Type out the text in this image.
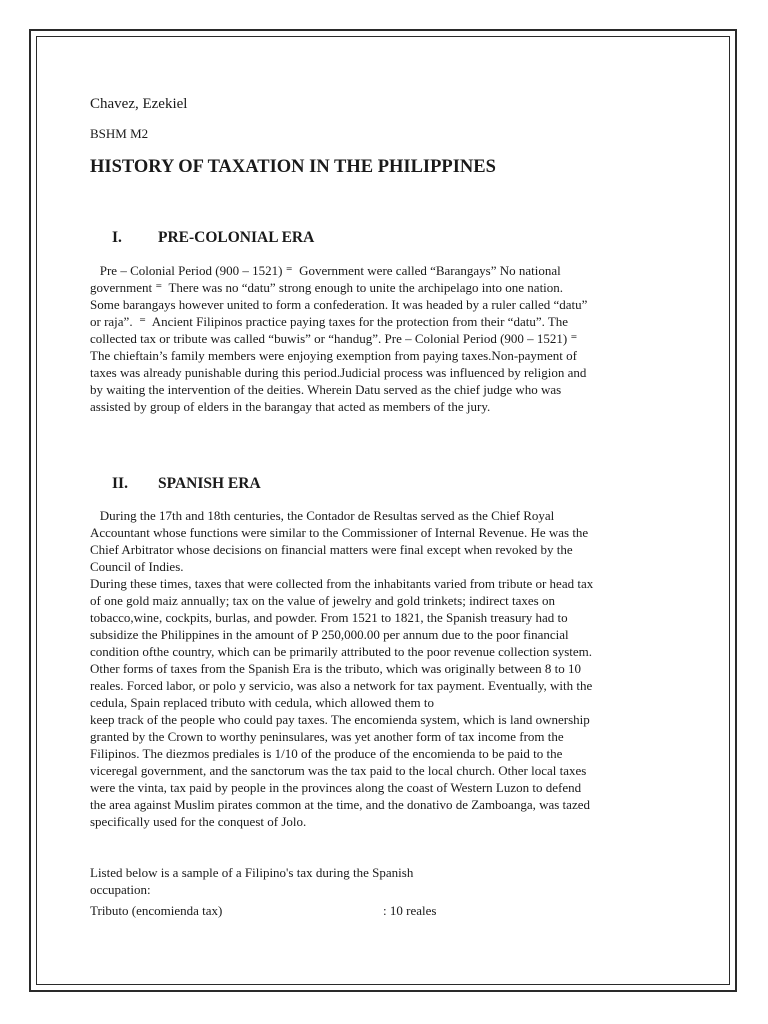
Chavez, Ezekiel
BSHM M2
HISTORY OF TAXATION IN THE PHILIPPINES
I. PRE-COLONIAL ERA
Pre – Colonial Period (900 – 1521) ⁼  Government were called “Barangays” No national
government ⁼  There was no “datu” strong enough to unite the archipelago into one nation.
Some barangays however united to form a confederation. It was headed by a ruler called “datu”
or raja”.  ⁼  Ancient Filipinos practice paying taxes for the protection from their “datu”. The
collected tax or tribute was called “buwis” or “handug”. Pre – Colonial Period (900 – 1521) ⁼
The chieftain’s family members were enjoying exemption from paying taxes.Non-payment of
taxes was already punishable during this period.Judicial process was influenced by religion and
by waiting the intervention of the deities. Wherein Datu served as the chief judge who was
assisted by group of elders in the barangay that acted as members of the jury.
II. SPANISH ERA
During the 17th and 18th centuries, the Contador de Resultas served as the Chief Royal
Accountant whose functions were similar to the Commissioner of Internal Revenue. He was the
Chief Arbitrator whose decisions on financial matters were final except when revoked by the
Council of Indies.
During these times, taxes that were collected from the inhabitants varied from tribute or head tax
of one gold maiz annually; tax on the value of jewelry and gold trinkets; indirect taxes on
tobacco,wine, cockpits, burlas, and powder. From 1521 to 1821, the Spanish treasury had to
subsidize the Philippines in the amount of P 250,000.00 per annum due to the poor financial
condition ofthe country, which can be primarily attributed to the poor revenue collection system.
Other forms of taxes from the Spanish Era is the tributo, which was originally between 8 to 10
reales. Forced labor, or polo y servicio, was also a network for tax payment. Eventually, with the
cedula, Spain replaced tributo with cedula, which allowed them to
keep track of the people who could pay taxes. The encomienda system, which is land ownership
granted by the Crown to worthy peninsulares, was yet another form of tax income from the
Filipinos. The diezmos prediales is 1/10 of the produce of the encomienda to be paid to the
viceregal government, and the sanctorum was the tax paid to the local church. Other local taxes
were the vinta, tax paid by people in the provinces along the coast of Western Luzon to defend
the area against Muslim pirates common at the time, and the donativo de Zamboanga, was tazed
specifically used for the conquest of Jolo.
Listed below is a sample of a Filipino's tax during the Spanish
occupation:
Tributo (encomienda tax)	: 10 reales
